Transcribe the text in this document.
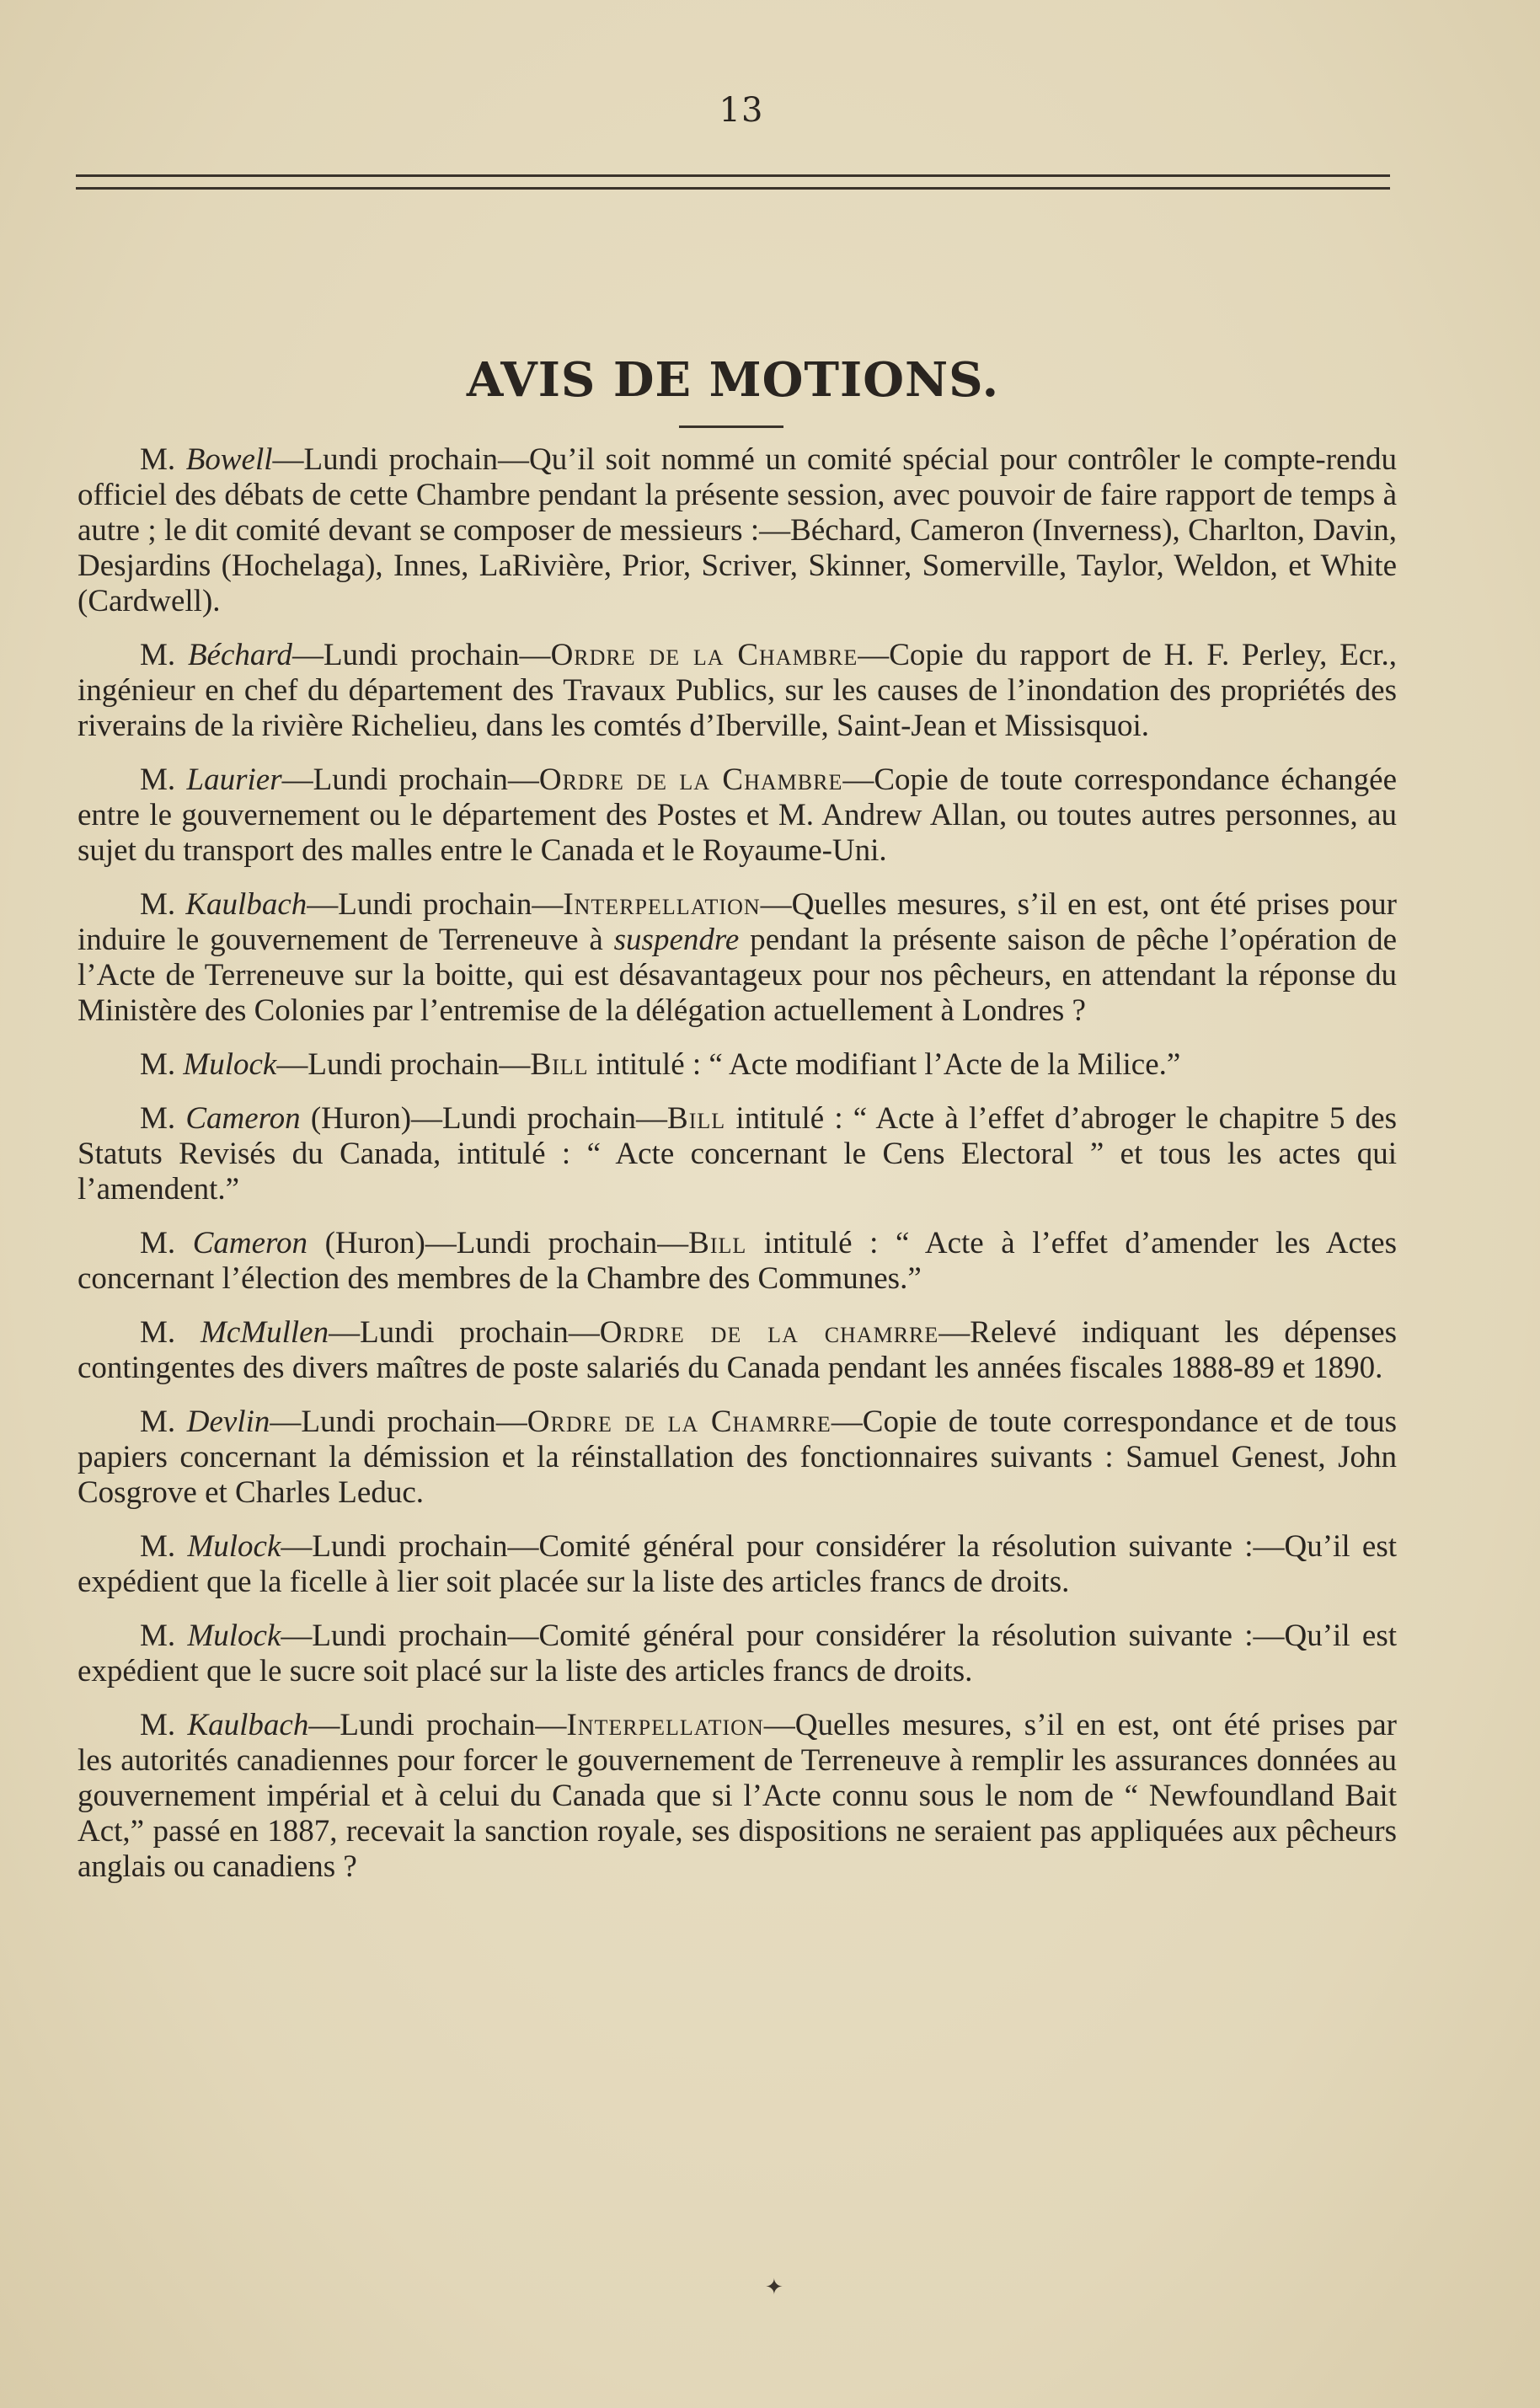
13
AVIS DE MOTIONS.

M. Bowell—Lundi prochain—Qu’il soit nommé un comité spécial pour contrôler le compte-rendu officiel des débats de cette Chambre pendant la présente session, avec pouvoir de faire rapport de temps à autre ; le dit comité devant se composer de messieurs :—Béchard, Cameron (Inverness), Charlton, Davin, Desjardins (Hochelaga), Innes, LaRivière, Prior, Scriver, Skinner, Somerville, Taylor, Weldon, et White (Cardwell).

M. Béchard—Lundi prochain—Ordre de la Chambre—Copie du rapport de H. F. Perley, Ecr., ingénieur en chef du département des Travaux Publics, sur les causes de l’inondation des propriétés des riverains de la rivière Richelieu, dans les comtés d’Iberville, Saint-Jean et Missisquoi.

M. Laurier—Lundi prochain—Ordre de la Chambre—Copie de toute correspondance échangée entre le gouvernement ou le département des Postes et M. Andrew Allan, ou toutes autres personnes, au sujet du transport des malles entre le Canada et le Royaume-Uni.

M. Kaulbach—Lundi prochain—Interpellation—Quelles mesures, s’il en est, ont été prises pour induire le gouvernement de Terreneuve à suspendre pendant la présente saison de pêche l’opération de l’Acte de Terreneuve sur la boitte, qui est désavantageux pour nos pêcheurs, en attendant la réponse du Ministère des Colonies par l’entremise de la délégation actuellement à Londres ?

M. Mulock—Lundi prochain—Bill intitulé : “ Acte modifiant l’Acte de la Milice.”

M. Cameron (Huron)—Lundi prochain—Bill intitulé : “ Acte à l’effet d’abroger le chapitre 5 des Statuts Revisés du Canada, intitulé : “ Acte concernant le Cens Electoral ” et tous les actes qui l’amendent.”

M. Cameron (Huron)—Lundi prochain—Bill intitulé : “ Acte à l’effet d’amender les Actes concernant l’élection des membres de la Chambre des Communes.”

M. McMullen—Lundi prochain—Ordre de la chamrre—Relevé indiquant les dépenses contingentes des divers maîtres de poste salariés du Canada pendant les années fiscales 1888-89 et 1890.

M. Devlin—Lundi prochain—Ordre de la Chamrre—Copie de toute correspondance et de tous papiers concernant la démission et la réinstallation des fonctionnaires suivants : Samuel Genest, John Cosgrove et Charles Leduc.

M. Mulock—Lundi prochain—Comité général pour considérer la résolution suivante :—Qu’il est expédient que la ficelle à lier soit placée sur la liste des articles francs de droits.

M. Mulock—Lundi prochain—Comité général pour considérer la résolution suivante :—Qu’il est expédient que le sucre soit placé sur la liste des articles francs de droits.

M. Kaulbach—Lundi prochain—Interpellation—Quelles mesures, s’il en est, ont été prises par les autorités canadiennes pour forcer le gouvernement de Terreneuve à remplir les assurances données au gouvernement impérial et à celui du Canada que si l’Acte connu sous le nom de “ Newfoundland Bait Act,” passé en 1887, recevait la sanction royale, ses dispositions ne seraient pas appliquées aux pêcheurs anglais ou canadiens ?

✦
